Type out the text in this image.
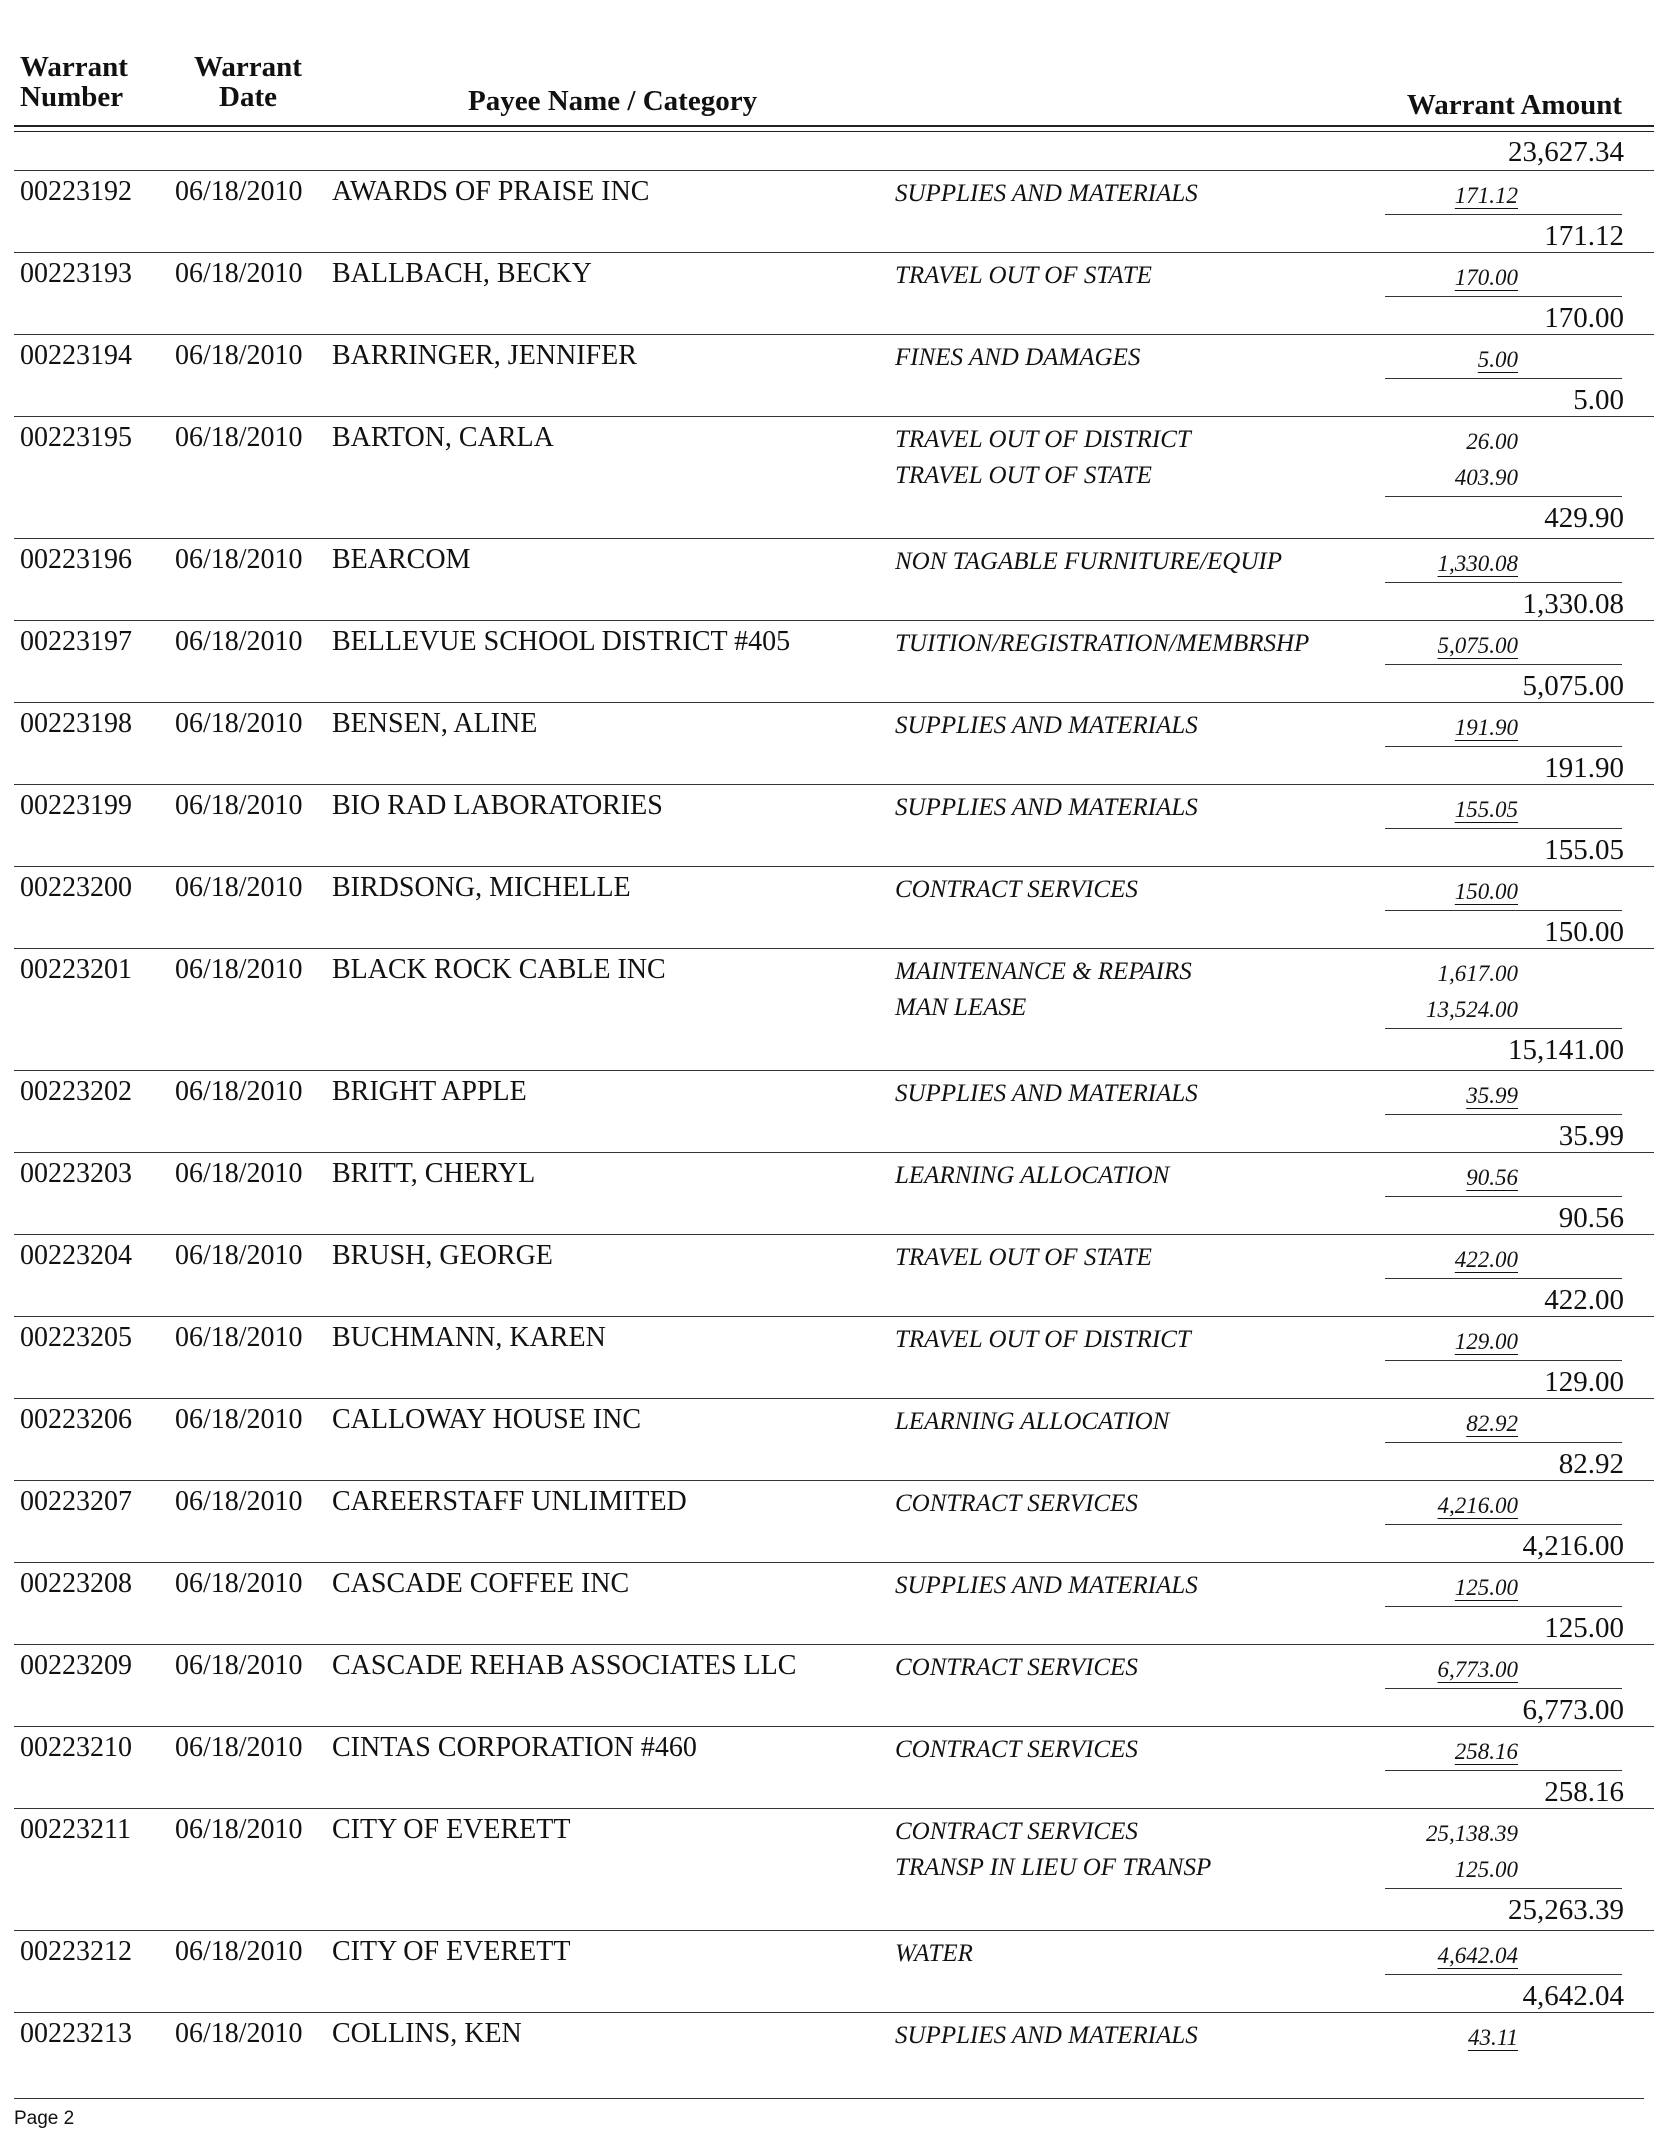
Warrant
Number
Warrant
Date	Payee Name / Category	Warrant Amount
23,627.34
00223192 06/18/2010 AWARDS OF PRAISE INC	SUPPLIES AND MATERIALS	171.12
171.12
00223193 06/18/2010 BALLBACH, BECKY	TRAVEL OUT OF STATE	170.00
170.00
00223194 06/18/2010 BARRINGER, JENNIFER	FINES AND DAMAGES	5.00
5.00
00223195 06/18/2010 BARTON, CARLA	TRAVEL OUT OF DISTRICT	26.00
TRAVEL OUT OF STATE	403.90
429.90
00223196 06/18/2010 BEARCOM	NON TAGABLE FURNITURE/EQUIP	1,330.08
1,330.08
00223197 06/18/2010 BELLEVUE SCHOOL DISTRICT #405	TUITION/REGISTRATION/MEMBRSHP	5,075.00
5,075.00
00223198 06/18/2010 BENSEN, ALINE	SUPPLIES AND MATERIALS	191.90
191.90
00223199 06/18/2010 BIO RAD LABORATORIES	SUPPLIES AND MATERIALS	155.05
155.05
00223200 06/18/2010 BIRDSONG, MICHELLE	CONTRACT SERVICES	150.00
150.00
00223201 06/18/2010 BLACK ROCK CABLE INC	MAINTENANCE & REPAIRS	1,617.00
MAN LEASE	13,524.00
15,141.00
00223202 06/18/2010 BRIGHT APPLE	SUPPLIES AND MATERIALS	35.99
35.99
00223203 06/18/2010 BRITT, CHERYL	LEARNING ALLOCATION	90.56
90.56
00223204 06/18/2010 BRUSH, GEORGE	TRAVEL OUT OF STATE	422.00
422.00
00223205 06/18/2010 BUCHMANN, KAREN	TRAVEL OUT OF DISTRICT	129.00
129.00
00223206 06/18/2010 CALLOWAY HOUSE INC	LEARNING ALLOCATION	82.92
82.92
00223207 06/18/2010 CAREERSTAFF UNLIMITED	CONTRACT SERVICES	4,216.00
4,216.00
00223208 06/18/2010 CASCADE COFFEE INC	SUPPLIES AND MATERIALS	125.00
125.00
00223209 06/18/2010 CASCADE REHAB ASSOCIATES LLC	CONTRACT SERVICES	6,773.00
6,773.00
00223210 06/18/2010 CINTAS CORPORATION #460	CONTRACT SERVICES	258.16
258.16
00223211 06/18/2010 CITY OF EVERETT	CONTRACT SERVICES	25,138.39
TRANSP IN LIEU OF TRANSP	125.00
25,263.39
00223212 06/18/2010 CITY OF EVERETT	WATER	4,642.04
4,642.04
00223213 06/18/2010 COLLINS, KEN	SUPPLIES AND MATERIALS	43.11
Page 2
